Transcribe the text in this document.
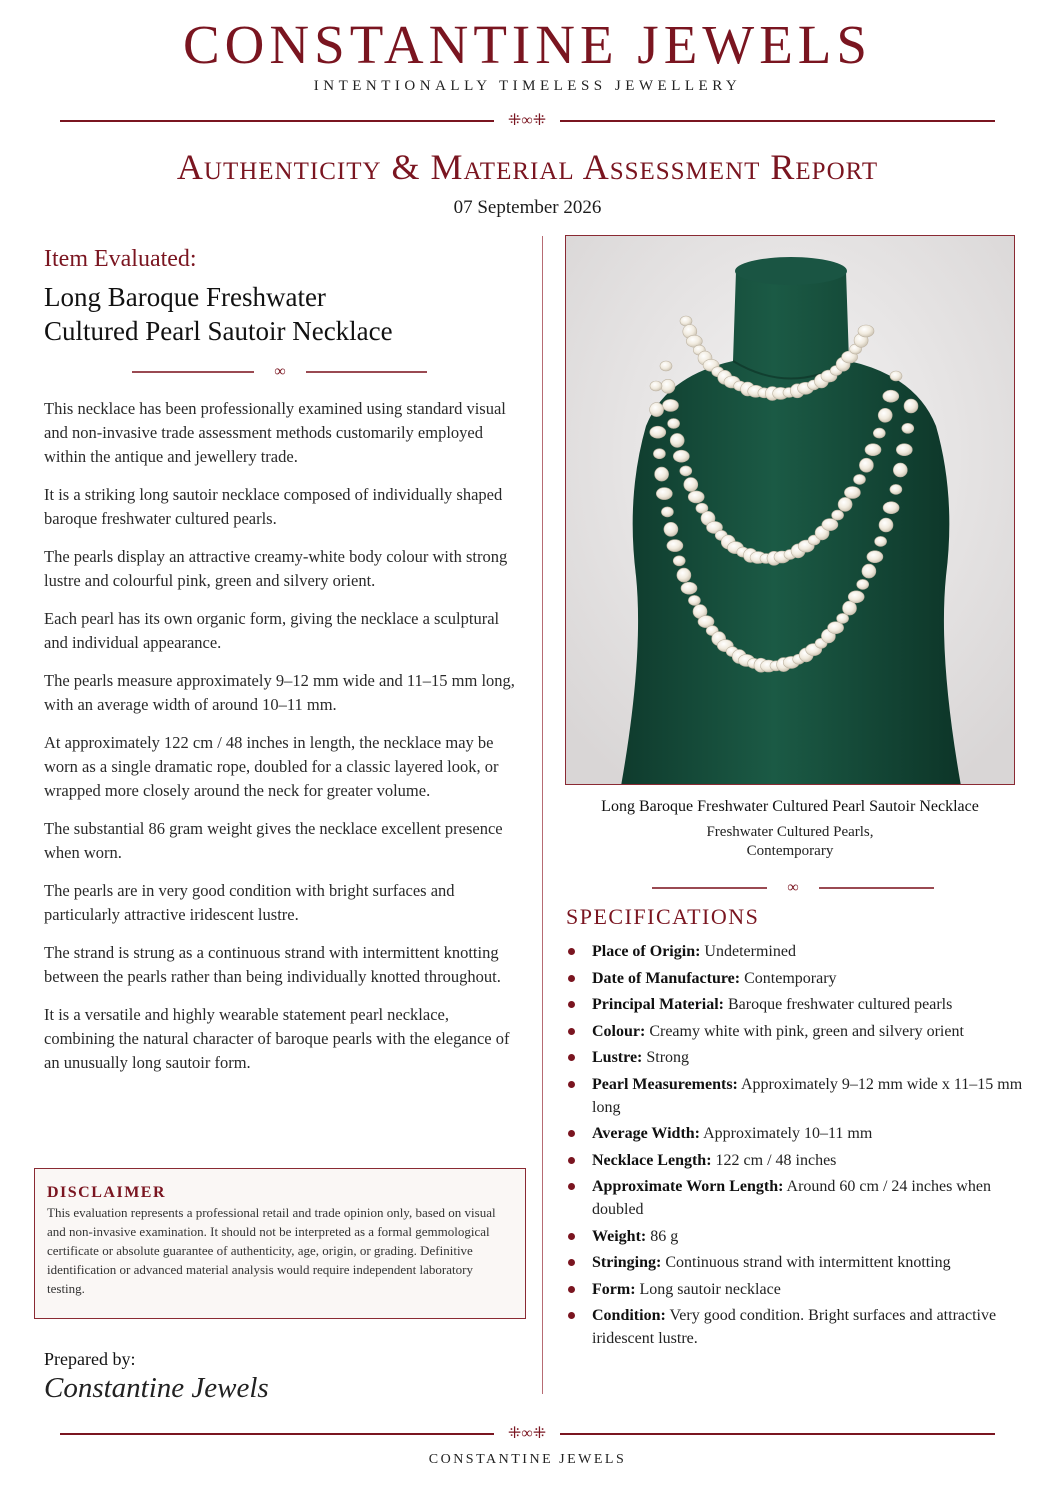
CONSTANTINE JEWELS
INTENTIONALLY TIMELESS JEWELLERY
⁜∞⁜
Authenticity & Material Assessment Report
07 September 2026
Item Evaluated:
Long Baroque Freshwater
Cultured Pearl Sautoir Necklace
∞

This necklace has been professionally examined using standard visual and non-invasive trade assessment methods customarily employed within the antique and jewellery trade.

It is a striking long sautoir necklace composed of individually shaped baroque freshwater cultured pearls.

The pearls display an attractive creamy-white body colour with strong lustre and colourful pink, green and silvery orient.

Each pearl has its own organic form, giving the necklace a sculptural and individual appearance.

The pearls measure approximately 9–12 mm wide and 11–15 mm long, with an average width of around 10–11 mm.

At approximately 122 cm / 48 inches in length, the necklace may be worn as a single dramatic rope, doubled for a classic layered look, or wrapped more closely around the neck for greater volume.

The substantial 86 gram weight gives the necklace excellent presence when worn.

The pearls are in very good condition with bright surfaces and particularly attractive iridescent lustre.

The strand is strung as a continuous strand with intermittent knotting between the pearls rather than being individually knotted throughout.

It is a versatile and highly wearable statement pearl necklace, combining the natural character of baroque pearls with the elegance of an unusually long sautoir form.

DISCLAIMER
This evaluation represents a professional retail and trade opinion only, based on visual and non-invasive examination. It should not be interpreted as a formal gemmological certificate or absolute guarantee of authenticity, age, origin, or grading. Definitive identification or advanced material analysis would require independent laboratory testing.
Prepared by:
Constantine Jewels
Long Baroque Freshwater Cultured Pearl Sautoir Necklace
Freshwater Cultured Pearls,
Contemporary
∞
SPECIFICATIONS
Place of Origin: Undetermined
Date of Manufacture: Contemporary
Principal Material: Baroque freshwater cultured pearls
Colour: Creamy white with pink, green and silvery orient
Lustre: Strong
Pearl Measurements: Approximately 9–12 mm wide x 11–15 mm long
Average Width: Approximately 10–11 mm
Necklace Length: 122 cm / 48 inches
Approximate Worn Length: Around 60 cm / 24 inches when doubled
Weight: 86 g
Stringing: Continuous strand with intermittent knotting
Form: Long sautoir necklace
Condition: Very good condition. Bright surfaces and attractive iridescent lustre.
⁜∞⁜
CONSTANTINE JEWELS
